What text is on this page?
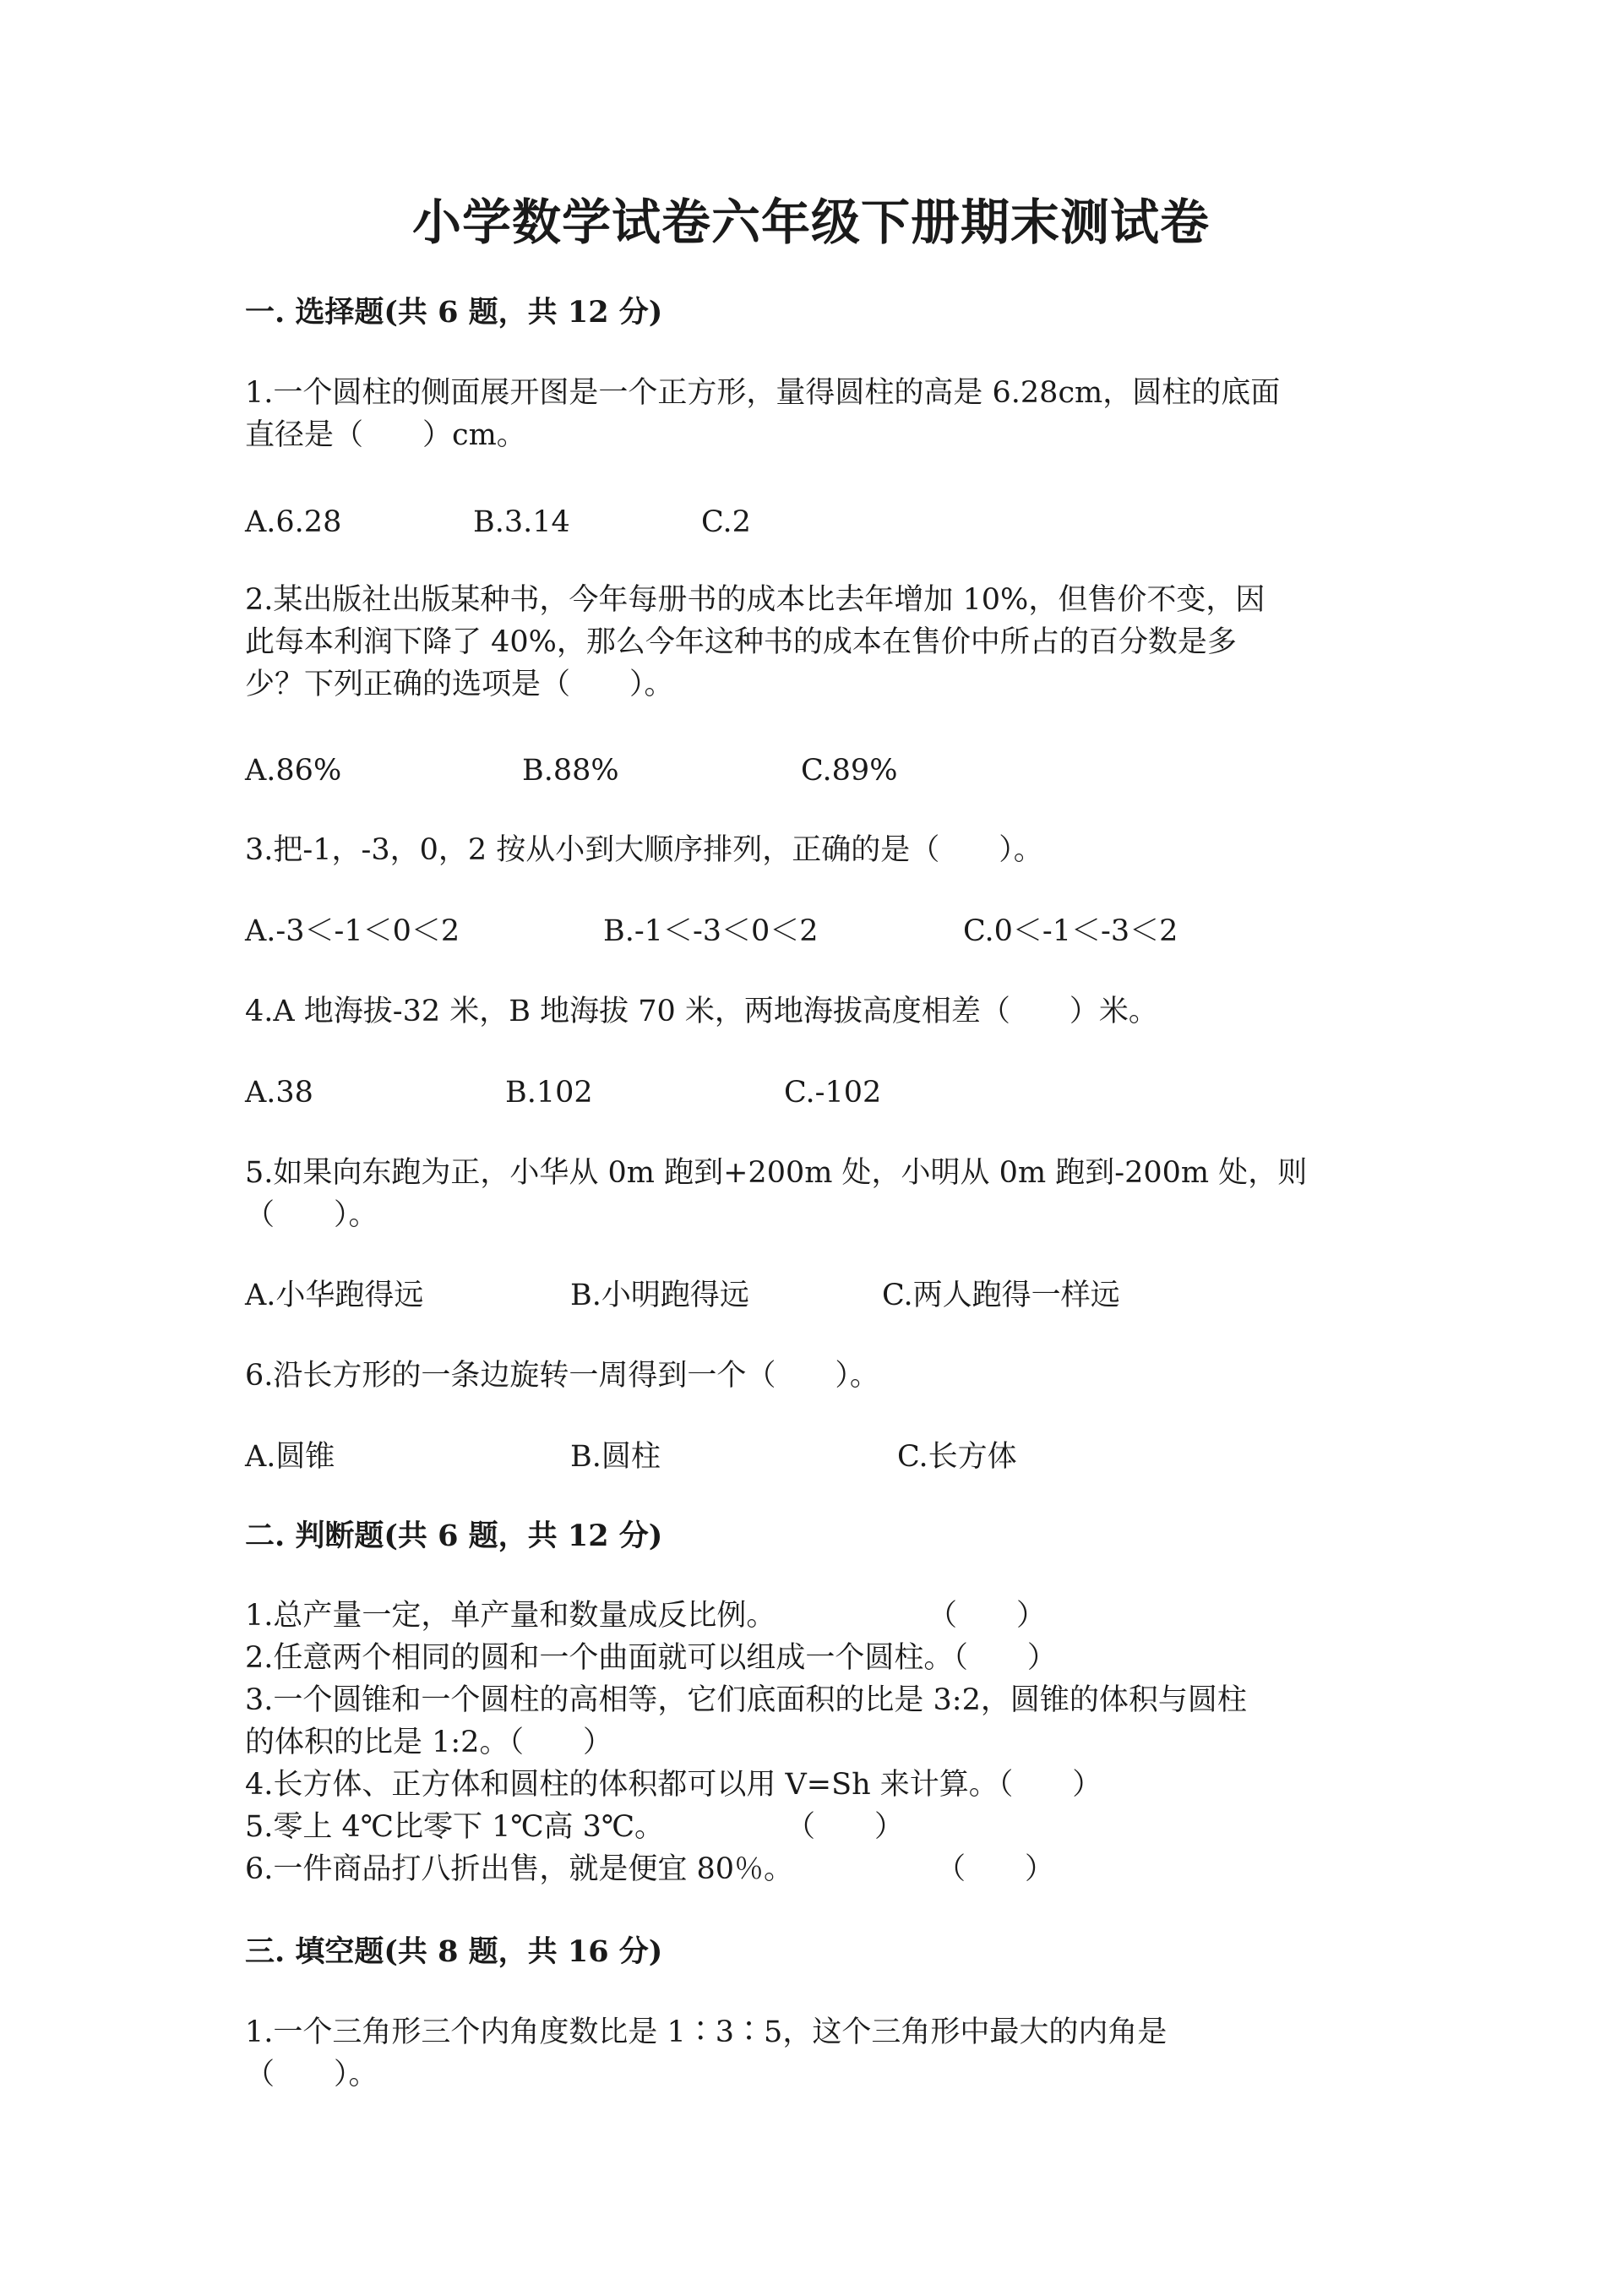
小学数学试卷六年级下册期末测试卷

一. 选择题(共 6 题，共 12 分)

1.一个圆柱的侧面展开图是一个正方形，量得圆柱的高是 6.28cm，圆柱的底面

直径是（　　）cm。

A.6.28	B.3.14	C.2

2.某出版社出版某种书，今年每册书的成本比去年增加 10%，但售价不变，因

此每本利润下降了 40%，那么今年这种书的成本在售价中所占的百分数是多

少？下列正确的选项是（　　）。

A.86%	B.88%	C.89%

3.把-1，-3，0，2 按从小到大顺序排列，正确的是（　　）。

A.-3＜-1＜0＜2	B.-1＜-3＜0＜2	C.0＜-1＜-3＜2

4.A 地海拔-32 米，B 地海拔 70 米，两地海拔高度相差（　　）米。

A.38	B.102	C.-102

5.如果向东跑为正，小华从 0m 跑到+200m 处，小明从 0m 跑到-200m 处，则

（　　）。

A.小华跑得远	B.小明跑得远	C.两人跑得一样远

6.沿长方形的一条边旋转一周得到一个（　　）。

A.圆锥	B.圆柱	C.长方体

二. 判断题(共 6 题，共 12 分)

1.总产量一定，单产量和数量成反比例。	（　　）

2.任意两个相同的圆和一个曲面就可以组成一个圆柱。（　　）

3.一个圆锥和一个圆柱的高相等，它们底面积的比是 3:2，圆锥的体积与圆柱

的体积的比是 1:2。（　　）

4.长方体、正方体和圆柱的体积都可以用 V=Sh 来计算。（　　）

5.零上 4℃比零下 1℃高 3℃。	（　　）

6.一件商品打八折出售，就是便宜 80％。	（　　）

三. 填空题(共 8 题，共 16 分)

1.一个三角形三个内角度数比是 1∶3∶5，这个三角形中最大的内角是

（　　）。
